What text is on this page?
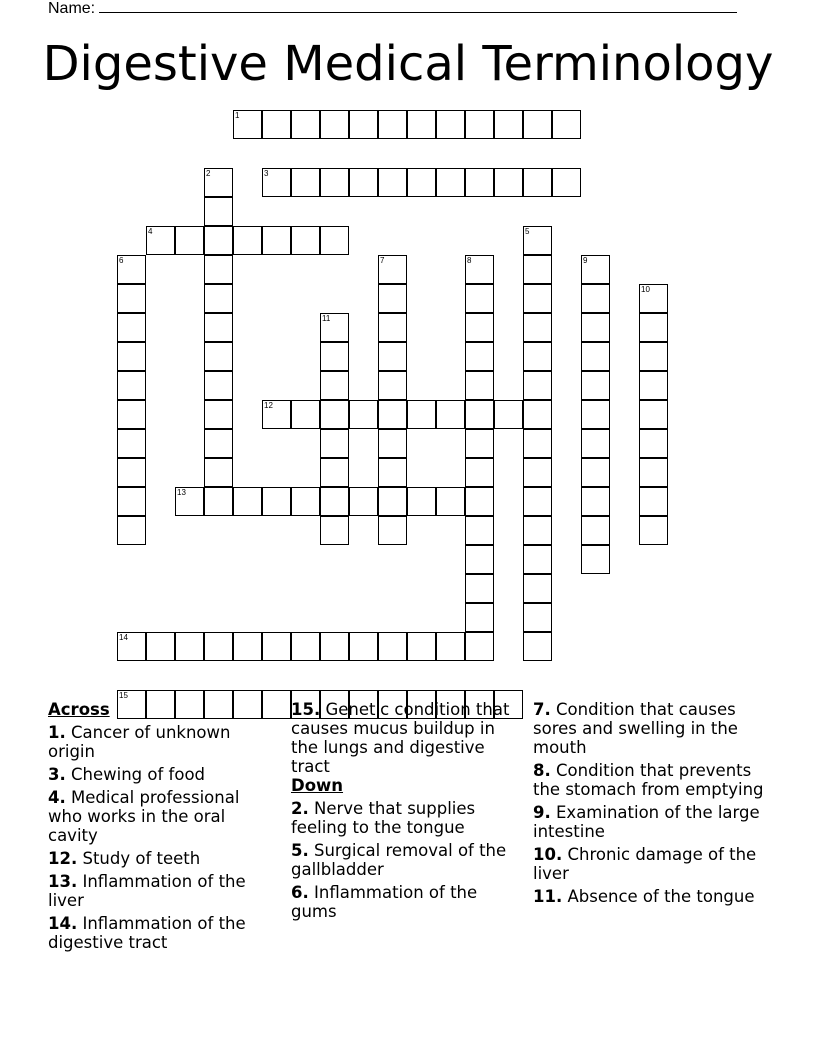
Name:
Digestive Medical Terminology
1
2	3
4	5
6	7	8	9
10
11
12
13
14
15
Across
1. Cancer of unknown origin
3. Chewing of food
4. Medical professional who works in the oral cavity
12. Study of teeth
13. Inflammation of the liver
14. Inflammation of the digestive tract
15. Genetic condition that causes mucus buildup in the lungs and digestive tract
Down
2. Nerve that supplies feeling to the tongue
5. Surgical removal of the gallbladder
6. Inflammation of the gums
7. Condition that causes sores and swelling in the mouth
8. Condition that prevents the stomach from emptying
9. Examination of the large intestine
10. Chronic damage of the liver
11. Absence of the tongue
